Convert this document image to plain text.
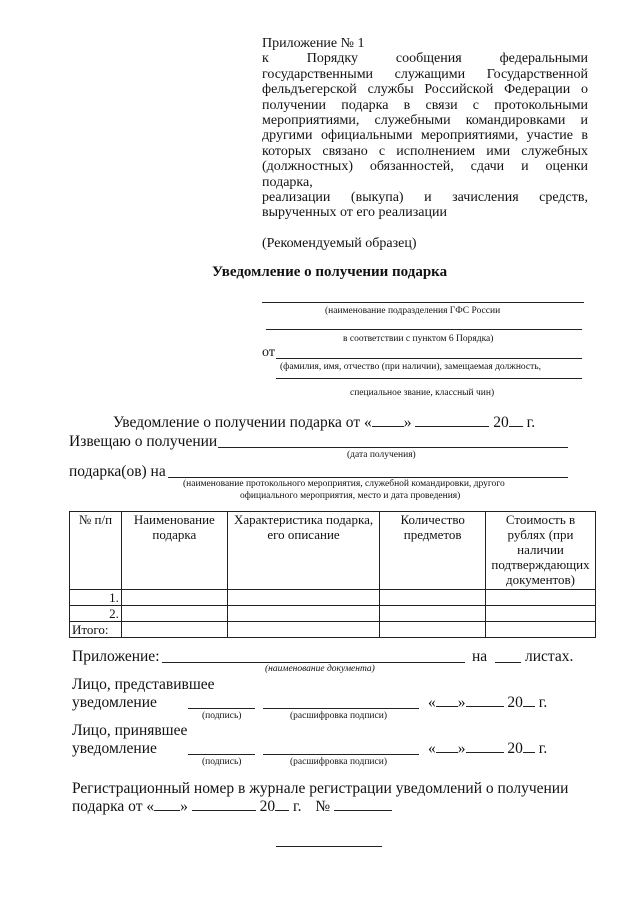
Приложение № 1
к Порядку сообщения федеральными
государственными служащими Государственной
фельдъегерской службы Российской Федерации о
получении подарка в связи с протокольными
мероприятиями, служебными командировками и
другими официальными мероприятиями, участие в
которых связано с исполнением ими служебных
(должностных) обязанностей, сдачи и оценки подарка,
реализации (выкупа) и зачисления средств,
вырученных от его реализации
(Рекомендуемый образец)
Уведомление о получении подарка
(наименование подразделения ГФС России
в соответствии с пунктом 6 Порядка)
от
(фамилия, имя, отчество (при наличии), замещаемая должность,
специальное звание, классный чин)
Уведомление о получении подарка от « »	20 г.
Извещаю о получении
(дата получения)
подарка(ов) на
(наименование протокольного мероприятия, служебной командировки, другого
официального мероприятия, место и дата проведения)
№ п/п	Наименование подарка	Характеристика подарка, его описание	Количество предметов	Стоимость в рублях (при наличии подтверждающих документов)
1.				
2.				
Итого:				
Приложение:	на листах.
(наименование документа)
Лицо, представившее
уведомление	« »	20 г.
(подпись)	(расшифровка подписи)
Лицо, принявшее
уведомление	« »	20 г.
(подпись)	(расшифровка подписи)
Регистрационный номер в журнале регистрации уведомлений о получении
подарка от « »	20 г. №
